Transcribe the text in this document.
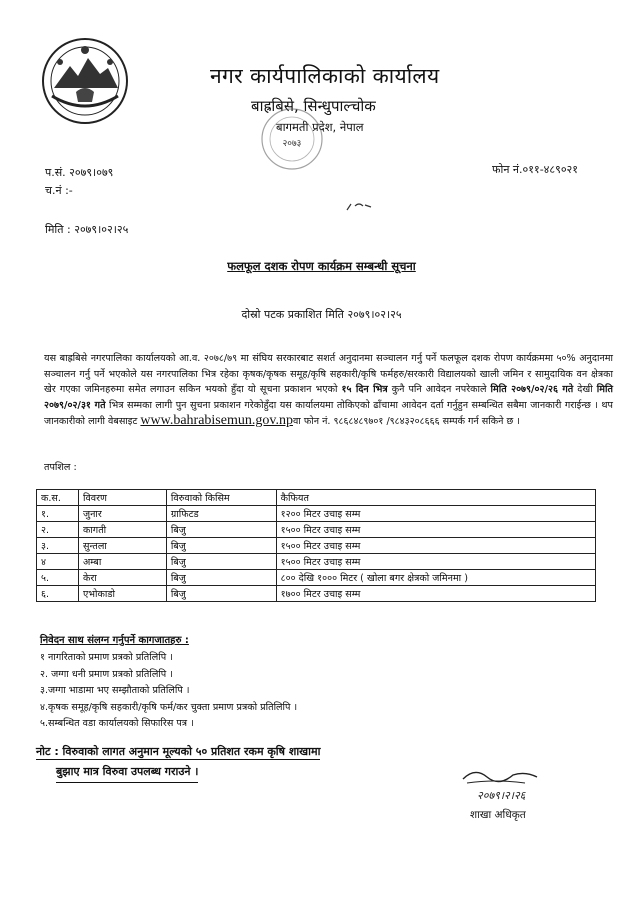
नगर कार्यपालिकाको कार्यालय
बाह्रबिसे, सिन्धुपाल्चोक
बागमती प्रदेश, नेपाल
२०७३
प.सं. २०७९।०७९
च.नं :-
फोन नं.०११-४८९०२१
मिति : २०७९।०२।२५
फलफूल दशक रोपण कार्यक्रम सम्बन्धी सूचना
दोस्रो पटक प्रकाशित मिति २०७९।०२।२५
यस बाह्रबिसे नगरपालिका कार्यालयको आ.व. २०७८/७९ मा संघिय सरकारबाट सशर्त अनुदानमा सञ्चालन गर्नु पर्ने फलफूल दशक रोपण कार्यक्रममा ५०% अनुदानमा सञ्चालन गर्नु पर्ने भएकोले यस नगरपालिका भित्र रहेका कृषक/कृषक समूह/कृषि सहकारी/कृषि फर्महरु/सरकारी विद्यालयको खाली जमिन र सामुदायिक वन क्षेत्रका खेर गएका जमिनहरुमा समेत लगाउन सकिन भयको हुँदा यो सूचना प्रकाशन भएको १५ दिन भित्र कुनै पनि आवेदन नपरेकाले मिति २०७९/०२/२६ गते देखी मिति २०७९/०२/३१ गते भित्र सम्मका लागी पुन सुचना प्रकाशन गरेकोहुँदा यस कार्यालयमा तोकिएको ढाँचामा आवेदन दर्ता गर्नुहुन सम्बन्धित सबैमा जानकारी गराईन्छ । थप जानकारीको लागी वेबसाइट www.bahrabisemun.gov.npवा फोन नं. ९८६८४८९७०१ /९८४३२०८६६६ सम्पर्क गर्न सकिने छ ।
तपशिल :
क.स.	विवरण	विरुवाको किसिम	कैफियत
१.	जुनार	ग्राफिटड	१२०० मिटर उचाइ सम्म
२.	कागती	बिजु	१५०० मिटर उचाइ सम्म
३.	सुन्तला	बिजु	१५०० मिटर उचाइ सम्म
४	अम्बा	बिजु	१५०० मिटर उचाइ सम्म
५.	केरा	बिजु	८०० देखि १००० मिटर ( खोला बगर क्षेत्रको जमिनमा )
६.	एभोकाडो	बिजु	१७०० मिटर उचाइ सम्म
निवेदन साथ संलग्न गर्नुपर्ने कागजातहरु :
१ नागरिताको प्रमाण प्रत्रको प्रतिलिपि ।
२. जग्गा धनी प्रमाण प्रत्रको प्रतिलिपि ।
३.जग्गा भाडामा भए सम्झौताको प्रतिलिपि ।
४.कृषक समूह/कृषि सहकारी/कृषि फर्म/कर चुक्ता प्रमाण प्रत्रको प्रतिलिपि ।
५.सम्बन्धित वडा कार्यालयको सिफारिस पत्र ।
नोट : विरुवाको लागत अनुमान मूल्यको ५० प्रतिशत रकम कृषि शाखामा
बुझाए मात्र विरुवा उपलब्ध गराउने ।
२०७९।२।२६
शाखा अधिकृत
